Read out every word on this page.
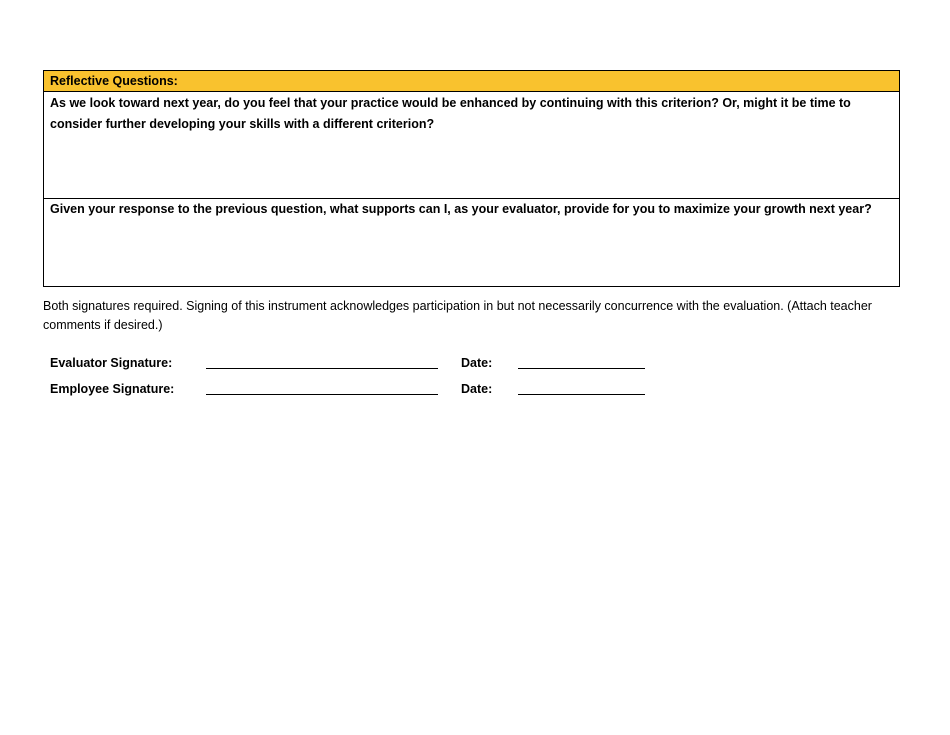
Reflective Questions:
As we look toward next year, do you feel that your practice would be enhanced by continuing with this criterion? Or, might it be time to consider further developing your skills with a different criterion?
Given your response to the previous question, what supports can I, as your evaluator, provide for you to maximize your growth next year?
Both signatures required. Signing of this instrument acknowledges participation in but not necessarily concurrence with the evaluation. (Attach teacher comments if desired.)
Evaluator Signature:	Date:
Employee Signature:	Date:
